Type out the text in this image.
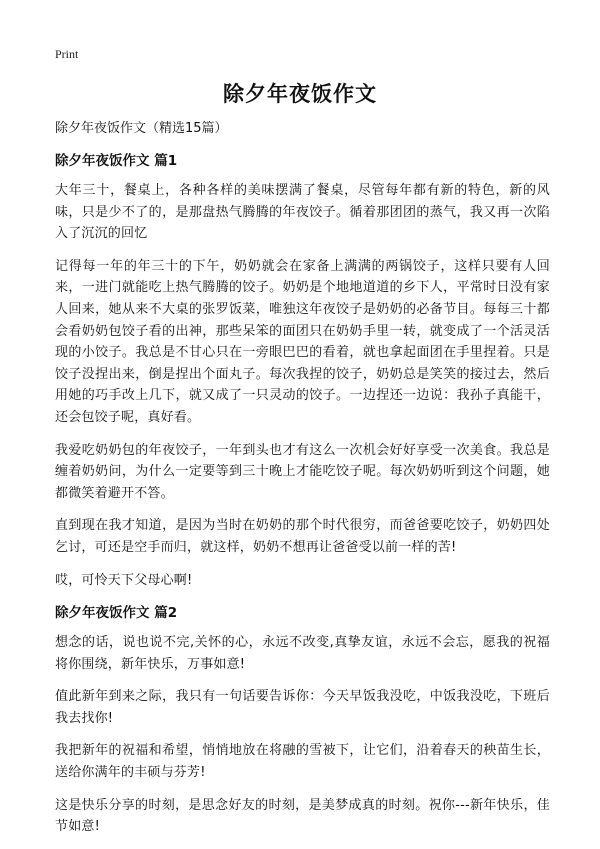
Print
除夕年夜饭作文

除夕年夜饭作文（精选15篇）

除夕年夜饭作文 篇1

大年三十，餐桌上，各种各样的美味摆满了餐桌，尽管每年都有新的特色，新的风味，只是少不了的，是那盘热气腾腾的年夜饺子。循着那团团的蒸气，我又再一次陷入了沉沉的回忆

记得每一年的年三十的下午，奶奶就会在家备上满满的两锅饺子，这样只要有人回来，一进门就能吃上热气腾腾的饺子。奶奶是个地地道道的乡下人，平常时日没有家人回来，她从来不大桌的张罗饭菜，唯独这年夜饺子是奶奶的必备节目。每每三十都会看奶奶包饺子看的出神，那些呆笨的面团只在奶奶手里一转，就变成了一个活灵活现的小饺子。我总是不甘心只在一旁眼巴巴的看着，就也拿起面团在手里捏着。只是饺子没捏出来，倒是捏出个面丸子。每次我捏的饺子，奶奶总是笑笑的接过去，然后用她的巧手改上几下，就又成了一只灵动的饺子。一边捏还一边说：我孙子真能干，还会包饺子呢，真好看。

我爱吃奶奶包的年夜饺子，一年到头也才有这么一次机会好好享受一次美食。我总是缠着奶奶问，为什么一定要等到三十晚上才能吃饺子呢。每次奶奶听到这个问题，她都微笑着避开不答。

直到现在我才知道，是因为当时在奶奶的那个时代很穷，而爸爸要吃饺子，奶奶四处乞讨，可还是空手而归，就这样，奶奶不想再让爸爸受以前一样的苦!

哎，可怜天下父母心啊!

除夕年夜饭作文 篇2

想念的话，说也说不完,关怀的心，永远不改变,真挚友谊，永远不会忘，愿我的祝福将你围绕，新年快乐，万事如意!

值此新年到来之际，我只有一句话要告诉你：今天早饭我没吃，中饭我没吃，下班后我去找你!

我把新年的祝福和希望，悄悄地放在将融的雪被下，让它们，沿着春天的秧苗生长，送给你满年的丰硕与芬芳!

这是快乐分享的时刻，是思念好友的时刻，是美梦成真的时刻。祝你---新年快乐，佳节如意!
